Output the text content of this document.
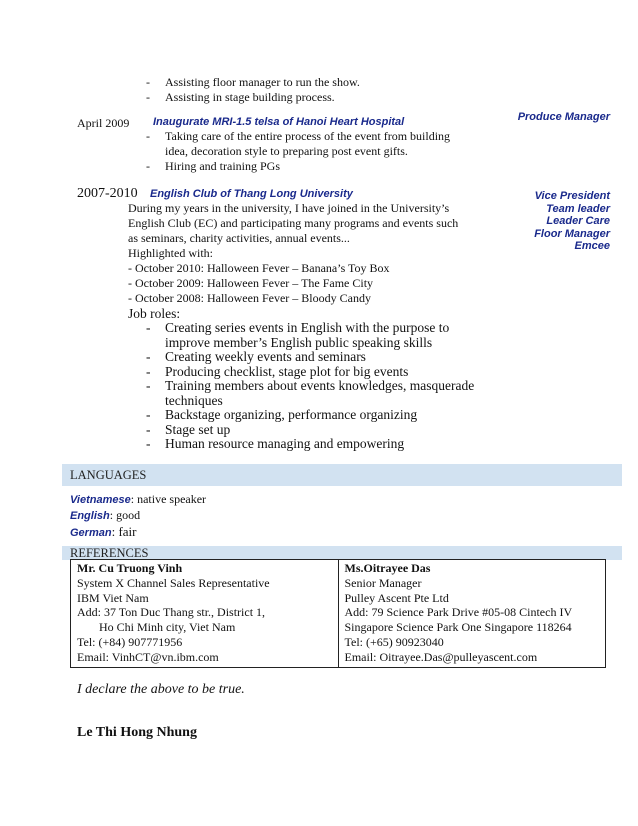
- Assisting floor manager to run the show.
- Assisting in stage building process.
April 2009 Inaugurate MRI-1.5 telsa of Hanoi Heart Hospital	Produce Manager
- Taking care of the entire process of the event from building idea, decoration style to preparing post event gifts.
- Hiring and training PGs
2007-2010 English Club of Thang Long University	Vice President
Team leader
Leader Care
Floor Manager
Emcee
During my years in the university, I have joined in the University’s English Club (EC) and participating many programs and events such as seminars, charity activities, annual events...
Highlighted with:
- October 2010: Halloween Fever – Banana’s Toy Box
- October 2009: Halloween Fever – The Fame City
- October 2008: Halloween Fever – Bloody Candy
Job roles:
- Creating series events in English with the purpose to improve member’s English public speaking skills
- Creating weekly events and seminars
- Producing checklist, stage plot for big events
- Training members about events knowledges, masquerade techniques
- Backstage organizing, performance organizing
- Stage set up
- Human resource managing and empowering
LANGUAGES
Vietnamese: native speaker
English: good
German: fair
REFERENCES
Mr. Cu Truong Vinh
System X Channel Sales Representative
IBM Viet Nam
Add: 37 Ton Duc Thang str., District 1,
Ho Chi Minh city, Viet Nam
Tel: (+84) 907771956
Email: VinhCT@vn.ibm.com

Ms.Oitrayee Das
Senior Manager
Pulley Ascent Pte Ltd
Add: 79 Science Park Drive #05-08 Cintech IV
Singapore Science Park One Singapore 118264
Tel: (+65) 90923040
Email: Oitrayee.Das@pulleyascent.com
I declare the above to be true.
Le Thi Hong Nhung
